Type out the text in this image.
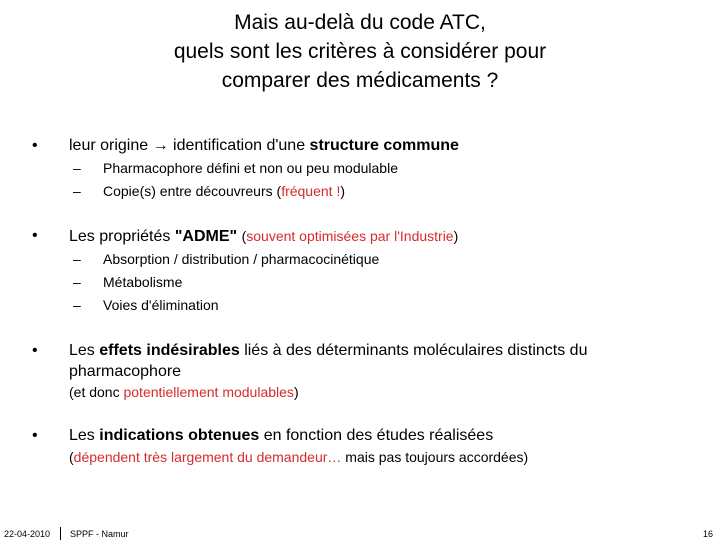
Mais au-delà du code ATC,
quels sont les critères à considérer pour
comparer des médicaments ?
• leur origine → identification d'une structure commune
– Pharmacophore défini et non ou peu modulable
– Copie(s) entre découvreurs (fréquent !)
• Les propriétés "ADME" (souvent optimisées par l'Industrie)
– Absorption / distribution / pharmacocinétique
– Métabolisme
– Voies d'élimination
• Les effets indésirables liés à des déterminants moléculaires distincts du
pharmacophore
(et donc potentiellement modulables)
• Les indications obtenues en fonction des études réalisées
(dépendent très largement du demandeur… mais pas toujours accordées)
22-04-2010 SPPF - Namur	16
